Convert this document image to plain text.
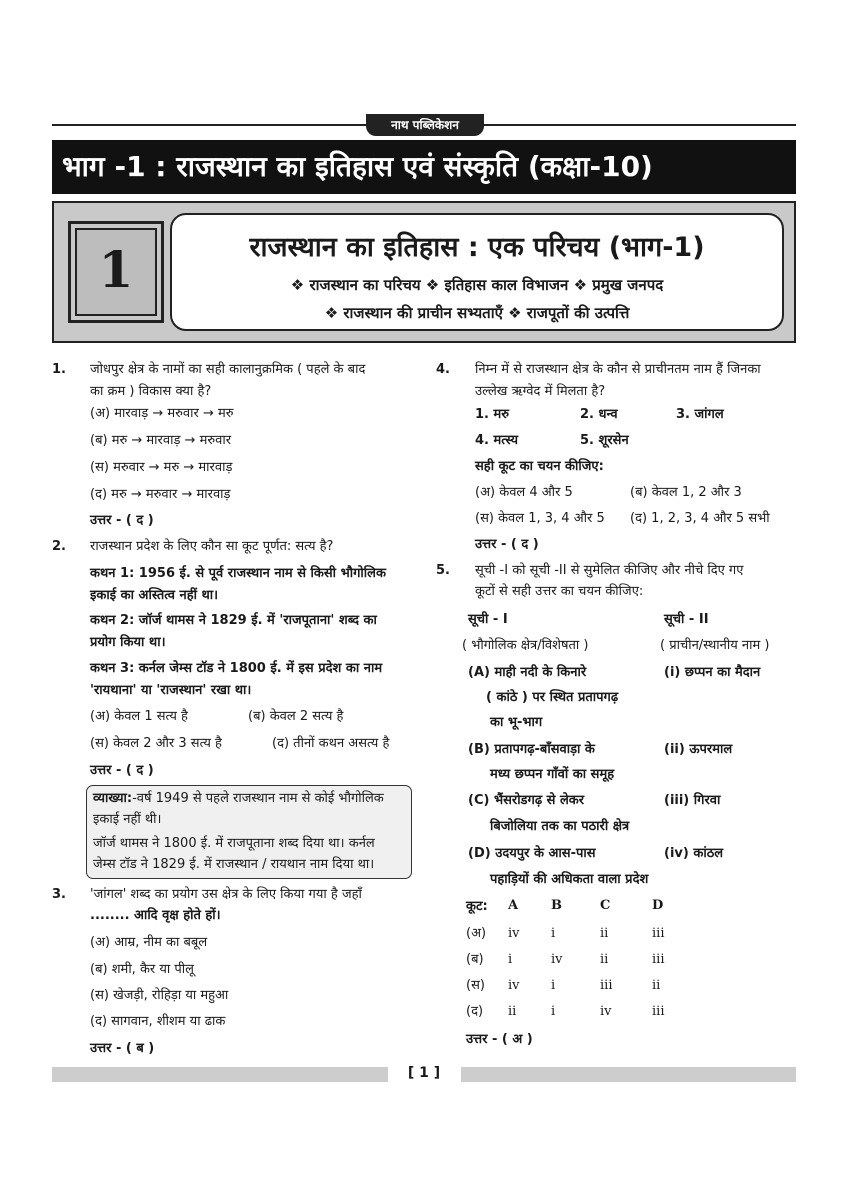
नाथ पब्लिकेशन
भाग -1 : राजस्थान का इतिहास एवं संस्कृति (कक्षा-10)
1	राजस्थान का इतिहास : एक परिचय (भाग-1)
❖ राजस्थान का परिचय ❖ इतिहास काल विभाजन ❖ प्रमुख जनपद
❖ राजस्थान की प्राचीन सभ्यताएँ ❖ राजपूतों की उत्पत्ति
1. जोधपुर क्षेत्र के नामों का सही कालानुक्रमिक ( पहले के बाद
का क्रम ) विकास क्या है?
(अ) मारवाड़ → मरुवार → मरु
(ब) मरु → मारवाड़ → मरुवार
(स) मरुवार → मरु → मारवाड़
(द) मरु → मरुवार → मारवाड़
उत्तर - ( द )
2. राजस्थान प्रदेश के लिए कौन सा कूट पूर्णत: सत्य है?
कथन 1: 1956 ई. से पूर्व राजस्थान नाम से किसी भौगोलिक
इकाई का अस्तित्व नहीं था।
कथन 2: जॉर्ज थामस ने 1829 ई. में 'राजपूताना' शब्द का
प्रयोग किया था।
कथन 3: कर्नल जेम्स टॉड ने 1800 ई. में इस प्रदेश का नाम
'रायथाना' या 'राजस्थान' रखा था।
(अ) केवल 1 सत्य है	(ब) केवल 2 सत्य है
(स) केवल 2 और 3 सत्य है	(द) तीनों कथन असत्य है
उत्तर - ( द )
व्याख्या:-वर्ष 1949 से पहले राजस्थान नाम से कोई भौगोलिक
इकाई नहीं थी।
जॉर्ज थामस ने 1800 ई. में राजपूताना शब्द दिया था। कर्नल
जेम्स टॉड ने 1829 ई. में राजस्थान / रायथान नाम दिया था।
3. 'जांगल' शब्द का प्रयोग उस क्षेत्र के लिए किया गया है जहाँ
........ आदि वृक्ष होते हों।
(अ) आम्र, नीम का बबूल
(ब) शमी, कैर या पीलू
(स) खेजड़ी, रोहिड़ा या महुआ
(द) सागवान, शीशम या ढाक
उत्तर - ( ब )
4. निम्न में से राजस्थान क्षेत्र के कौन से प्राचीनतम नाम हैं जिनका
उल्लेख ऋग्वेद में मिलता है?
1. मरु	2. धन्व	3. जांगल
4. मत्स्य	5. शूरसेन
सही कूट का चयन कीजिए:
(अ) केवल 4 और 5	(ब) केवल 1, 2 और 3
(स) केवल 1, 3, 4 और 5 (द) 1, 2, 3, 4 और 5 सभी
उत्तर - ( द )
5. सूची -I को सूची -II से सुमेलित कीजिए और नीचे दिए गए
कूटों से सही उत्तर का चयन कीजिए:
सूची - I	सूची - II
( भौगोलिक क्षेत्र/विशेषता )	( प्राचीन/स्थानीय नाम )
(A) माही नदी के किनारे
( कांठे ) पर स्थित प्रतापगढ़
का भू-भाग
(i) छप्पन का मैदान
(B) प्रतापगढ़-बाँसवाड़ा के
मध्य छप्पन गाँवों का समूह
(ii) ऊपरमाल
(C) भैंसरोडगढ़ से लेकर
बिजोलिया तक का पठारी क्षेत्र
(iii) गिरवा
(D) उदयपुर के आस-पास
पहाड़ियों की अधिकता वाला प्रदेश
(iv) कांठल
कूट: A	B	C	D
(अ) iv i	ii	iii
(ब) i	iv	ii	iii
(स) iv i	iii	ii
(द) ii	i	iv	iii
उत्तर - ( अ )
[ 1 ]
